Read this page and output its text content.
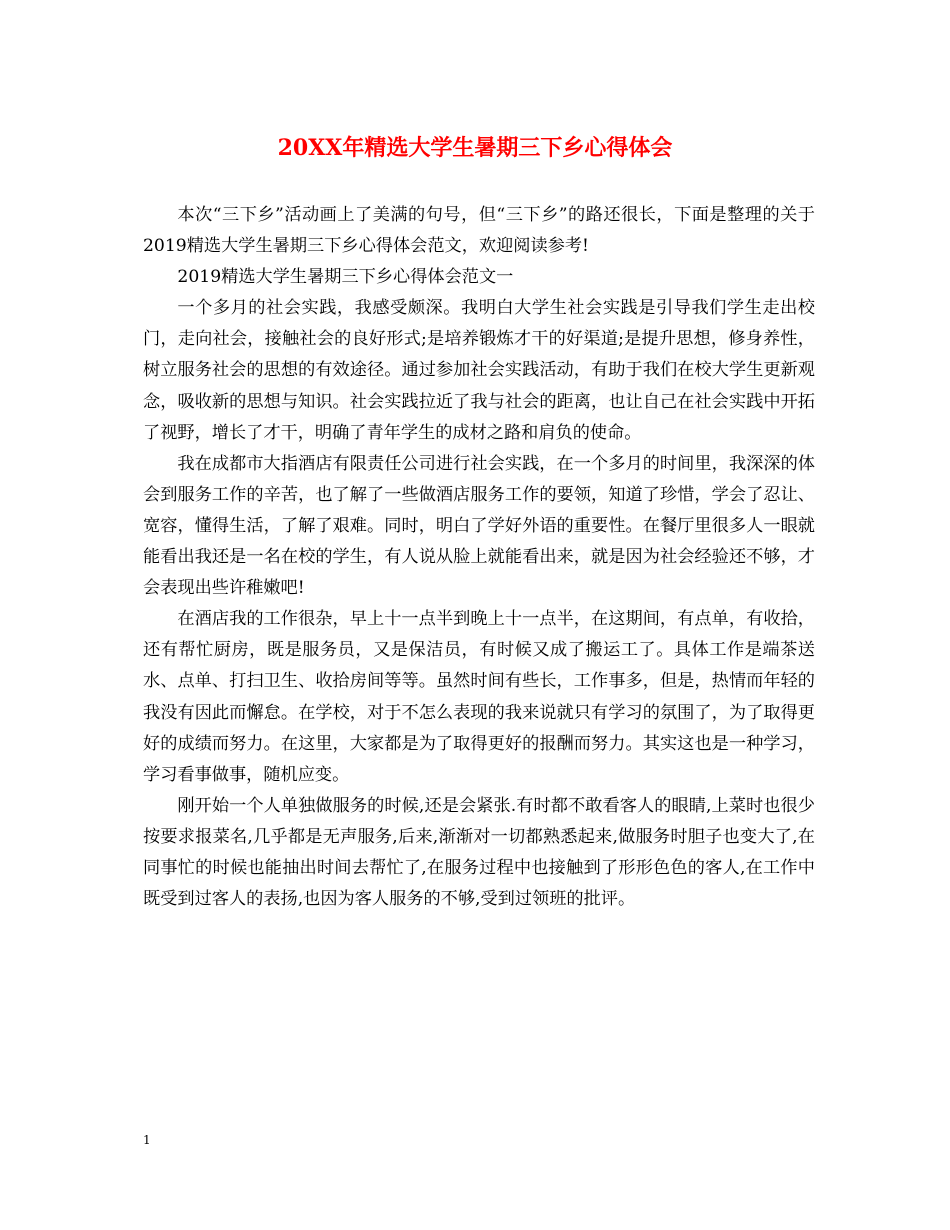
20XX年精选大学生暑期三下乡心得体会

本次“三下乡”活动画上了美满的句号，但“三下乡”的路还很长，下面是整理的关于2019精选大学生暑期三下乡心得体会范文，欢迎阅读参考!

2019精选大学生暑期三下乡心得体会范文一

一个多月的社会实践，我感受颇深。我明白大学生社会实践是引导我们学生走出校门，走向社会，接触社会的良好形式;是培养锻炼才干的好渠道;是提升思想，修身养性，树立服务社会的思想的有效途径。通过参加社会实践活动，有助于我们在校大学生更新观念，吸收新的思想与知识。社会实践拉近了我与社会的距离，也让自己在社会实践中开拓了视野，增长了才干，明确了青年学生的成材之路和肩负的使命。

我在成都市大指酒店有限责任公司进行社会实践，在一个多月的时间里，我深深的体会到服务工作的辛苦，也了解了一些做酒店服务工作的要领，知道了珍惜，学会了忍让、宽容，懂得生活，了解了艰难。同时，明白了学好外语的重要性。在餐厅里很多人一眼就能看出我还是一名在校的学生，有人说从脸上就能看出来，就是因为社会经验还不够，才会表现出些许稚嫩吧!

在酒店我的工作很杂，早上十一点半到晚上十一点半，在这期间，有点单，有收拾，还有帮忙厨房，既是服务员，又是保洁员，有时候又成了搬运工了。具体工作是端茶送水、点单、打扫卫生、收拾房间等等。虽然时间有些长，工作事多，但是，热情而年轻的我没有因此而懈怠。在学校，对于不怎么表现的我来说就只有学习的氛围了，为了取得更好的成绩而努力。在这里，大家都是为了取得更好的报酬而努力。其实这也是一种学习，学习看事做事，随机应变。

刚开始一个人单独做服务的时候,还是会紧张.有时都不敢看客人的眼睛,上菜时也很少按要求报菜名,几乎都是无声服务,后来,渐渐对一切都熟悉起来,做服务时胆子也变大了,在同事忙的时候也能抽出时间去帮忙了,在服务过程中也接触到了形形色色的客人,在工作中既受到过客人的表扬,也因为客人服务的不够,受到过领班的批评。

1
